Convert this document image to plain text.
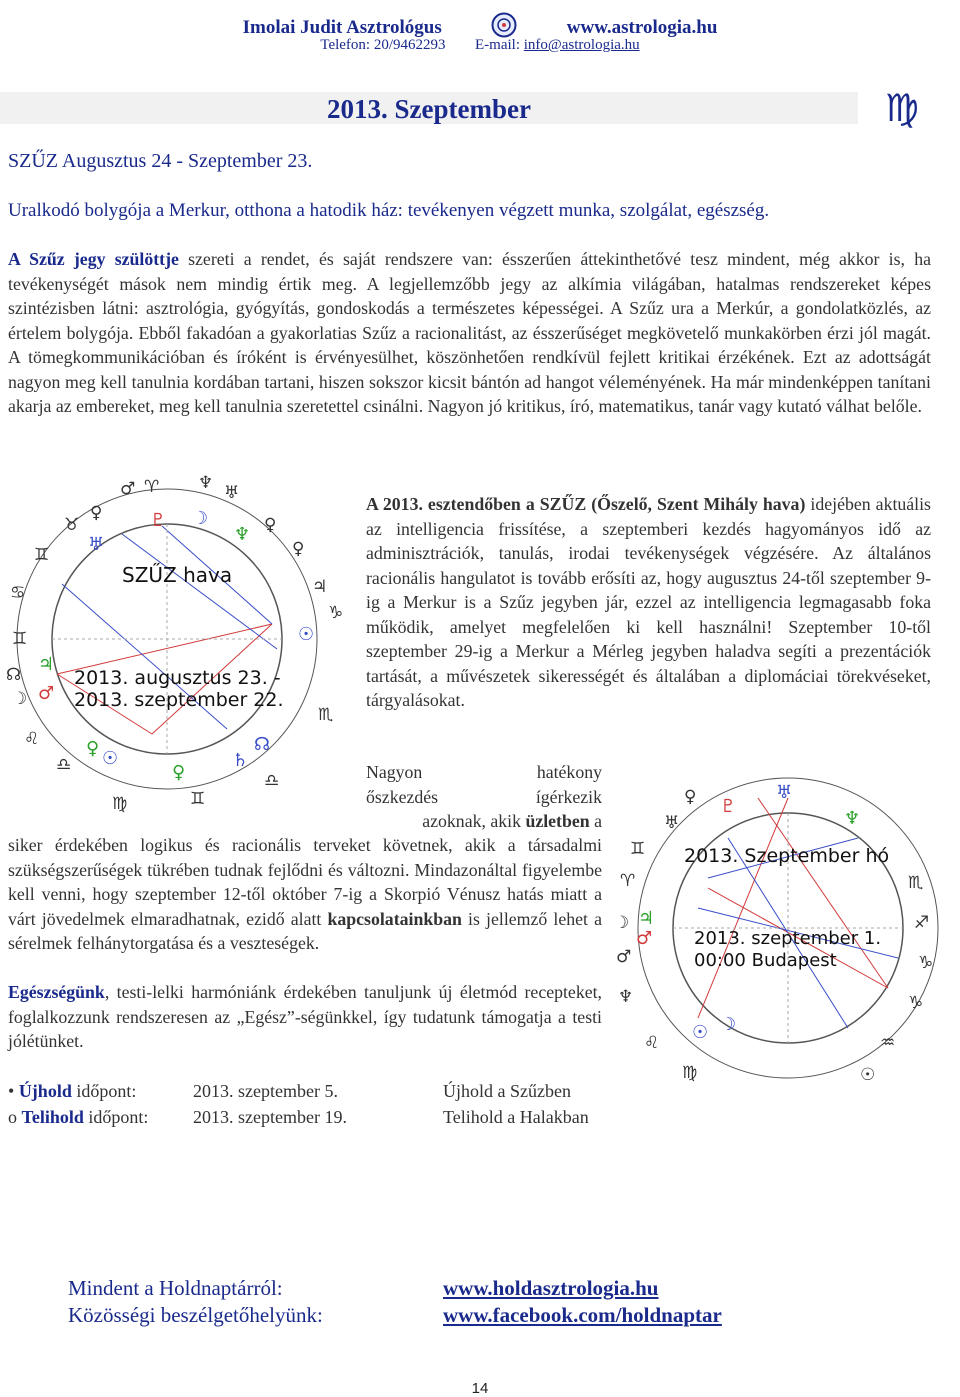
Imolai Judit Asztrológus	www.astrologia.hu
Telefon: 20/9462293 E-mail: info@astrologia.hu
2013. Szeptember	♍
SZŰZ Augusztus 24 - Szeptember 23.
Uralkodó bolygója a Merkur, otthona a hatodik ház: tevékenyen végzett munka, szolgálat, egészség.
A Szűz jegy szülöttje szereti a rendet, és saját rendszere van: ésszerűen áttekinthetővé tesz mindent, még akkor is, ha tevékenységét mások nem mindig értik meg. A legjellemzőbb jegy az alkímia világában, hatalmas rendszereket képes szintézisben látni: asztrológia, gyógyítás, gondoskodás a természetes képességei. A Szűz ura a Merkúr, a gondolatközlés, az értelem bolygója. Ebből fakadóan a gyakorlatias Szűz a racionalitást, az ésszerűséget megkövetelő munkakörben érzi jól magát. A tömegkommunikációban és íróként is érvényesülhet, köszönhetően rendkívül fejlett kritikai érzékének. Ezt az adottságát nagyon meg kell tanulnia kordában tartani, hiszen sokszor kicsit bántón ad hangot véleményének. Ha már mindenképpen tanítani akarja az embereket, meg kell tanulnia szeretettel csinálni. Nagyon jó kritikus, író, matematikus, tanár vagy kutató válhat belőle.
♂ ♈ ♆ ♅
♉
♀
♊
♀
♀
♋	♃
♊
♑
☊
☽
♌
♎
♍	♊
♎
♏
♇ ☽
♆
♅
☉
♃
♂
♀ ☉
♀
♄
☊
SZŰZ hava
2013. augusztus 23. -
2013. szeptember 22.
A 2013. esztendőben a SZŰZ (Őszelő, Szent Mihály hava) idejében aktuális az intelligencia frissítése, a szeptemberi kezdés hagyományos idő az adminisztrációk, tanulás, irodai tevékenységek végzésére. Az általános racionális hangulatot is tovább erősíti az, hogy augusztus 24-től szeptember 9-ig a Merkur is a Szűz jegyben jár, ezzel az intelligencia legmagasabb foka működik, amelyet megfelelően ki kell használni! Szeptember 10-től szeptember 29-ig a Merkur a Mérleg jegyben haladva segíti a prezentációk tartását, a művészetek sikerességét és általában a diplomáciai törekvéseket, tárgyalásokat.
Nagyon	hatékony
őszkezdés	ígérkezik
azoknak, akik üzletben a
siker érdekében logikus és racionális terveket követnek, akik a társadalmi szükségszerűségek tükrében tudnak fejlődni és változni. Mindazonáltal figyelembe kell venni, hogy szeptember 12-től október 7-ig a Skorpió Vénusz hatás miatt a várt jövedelmek elmaradhatnak, ezidő alatt kapcsolatainkban is jellemző lehet a sérelmek felhánytorgatása és a veszteségek.
Egészségünk, testi-lelki harmóniánk érdekében tanuljunk új életmód recepteket, foglalkozzunk rendszeresen az „Egész”-ségünkkel, így tudatunk támogatja a testi jólétünket.
♀
♅
♊
♈
☽
♂
♆
♌
♍
♏
♐
♑
♑
♒
☉
♇
♅
♆
♃
♂
☉ ☽
2013. Szeptember hó
2013. szeptember 1.
00:00 Budapest
• Újhold időpont:	2013. szeptember 5.	Újhold a Szűzben
o Telihold időpont:	2013. szeptember 19.	Telihold a Halakban
Mindent a Holdnaptárról:
Közösségi beszélgetőhelyünk:
www.holdasztrologia.hu
www.facebook.com/holdnaptar
14
